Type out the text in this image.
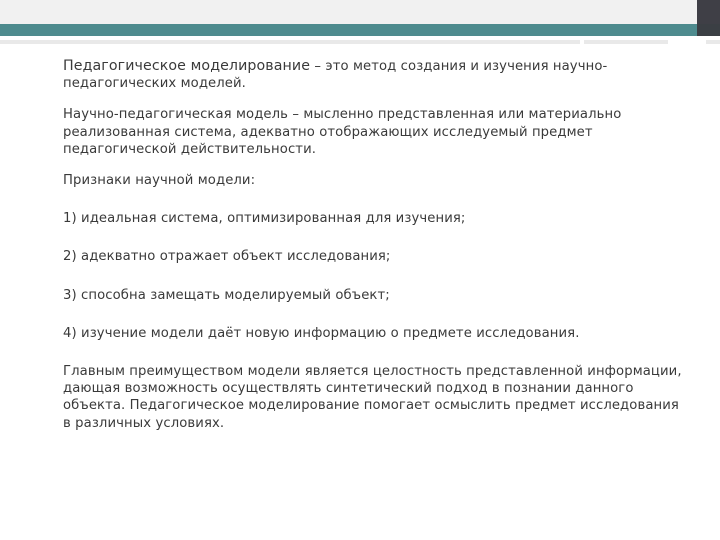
Педагогическое моделирование – это метод создания и изучения научно-педагогических моделей.

Научно-педагогическая модель – мысленно представленная или материально реализованная система, адекватно отображающих исследуемый предмет педагогической действительности.

Признаки научной модели:

1) идеальная система, оптимизированная для изучения;

2) адекватно отражает объект исследования;

3) способна замещать моделируемый объект;

4) изучение модели даёт новую информацию о предмете исследования.

Главным преимуществом модели является целостность представленной информации, дающая возможность осуществлять синтетический подход в познании данного объекта. Педагогическое моделирование помогает осмыслить предмет исследования в различных условиях.
